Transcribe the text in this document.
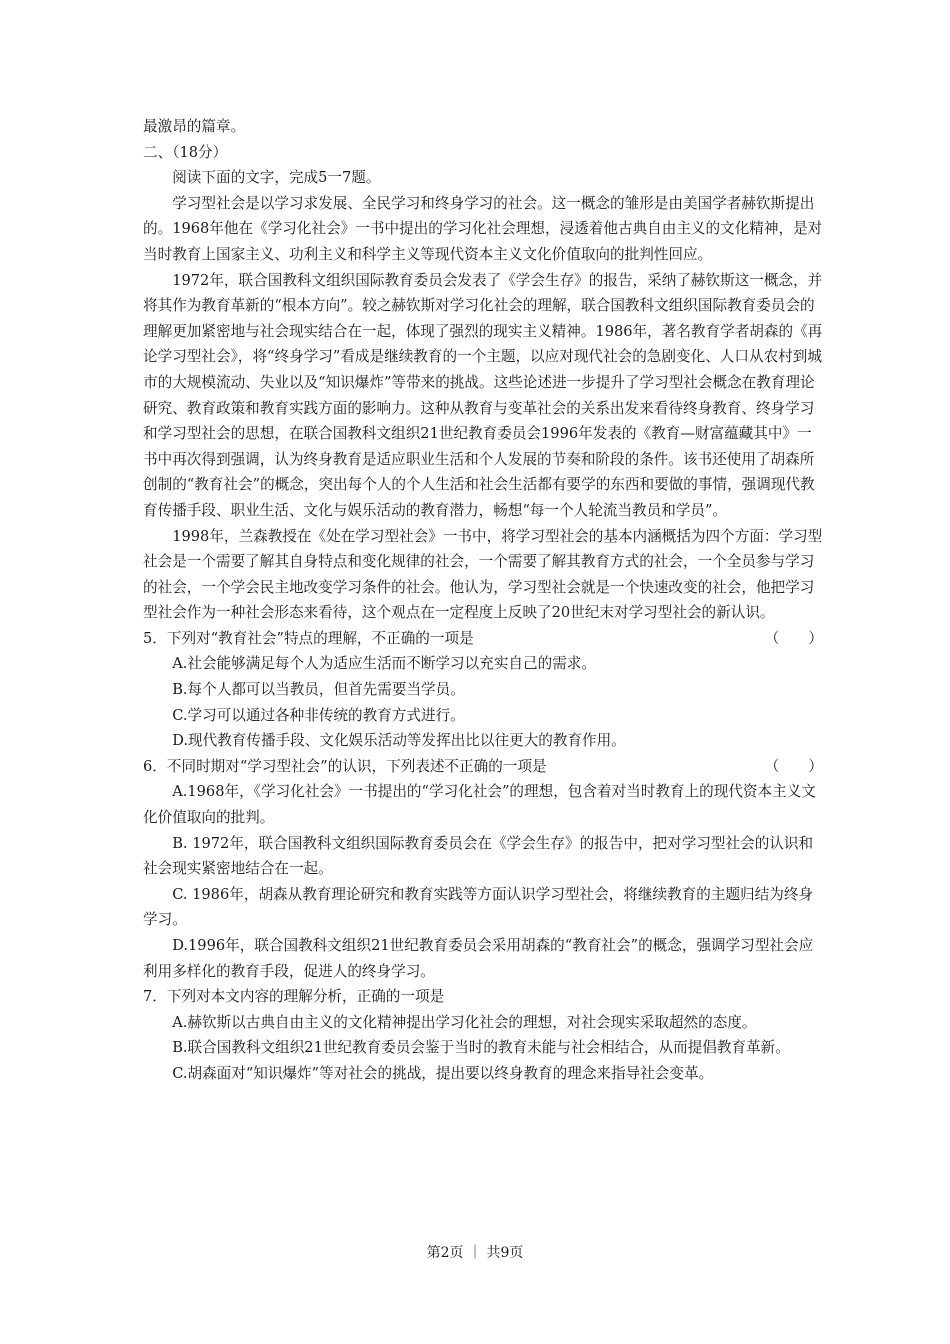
最激昂的篇章。

二、（18分）

阅读下面的文字，完成5一7题。

学习型社会是以学习求发展、全民学习和终身学习的社会。这一概念的雏形是由美国学者赫钦斯提出的。1968年他在《学习化社会》一书中提出的学习化社会理想，浸透着他古典自由主义的文化精神，是对当时教育上国家主义、功利主义和科学主义等现代资本主义文化价值取向的批判性回应。

1972年，联合国教科文组织国际教育委员会发表了《学会生存》的报告，采纳了赫钦斯这一概念，并将其作为教育革新的“根本方向”。较之赫钦斯对学习化社会的理解，联合国教科文组织国际教育委员会的理解更加紧密地与社会现实结合在一起，体现了强烈的现实主义精神。1986年，著名教育学者胡森的《再论学习型社会》，将“终身学习”看成是继续教育的一个主题，以应对现代社会的急剧变化、人口从农村到城市的大规模流动、失业以及“知识爆炸”等带来的挑战。这些论述进一步提升了学习型社会概念在教育理论研究、教育政策和教育实践方面的影响力。这种从教育与变革社会的关系出发来看待终身教育、终身学习和学习型社会的思想，在联合国教科文组织21世纪教育委员会1996年发表的《教育—财富蕴藏其中》一书中再次得到强调，认为终身教育是适应职业生活和个人发展的节奏和阶段的条件。该书还使用了胡森所创制的“教育社会”的概念，突出每个人的个人生活和社会生活都有要学的东西和要做的事情，强调现代教育传播手段、职业生活、文化与娱乐活动的教育潜力，畅想“每一个人轮流当教员和学员”。

1998年，兰森教授在《处在学习型社会》一书中，将学习型社会的基本内涵概括为四个方面：学习型社会是一个需要了解其自身特点和变化规律的社会，一个需要了解其教育方式的社会，一个全员参与学习的社会，一个学会民主地改变学习条件的社会。他认为，学习型社会就是一个快速改变的社会，他把学习型社会作为一种社会形态来看待，这个观点在一定程度上反映了20世纪末对学习型社会的新认识。

5．下列对“教育社会”特点的理解，不正确的一项是	（　　）

A.社会能够满足每个人为适应生活而不断学习以充实自己的需求。

B.每个人都可以当教员，但首先需要当学员。

C.学习可以通过各种非传统的教育方式进行。

D.现代教育传播手段、文化娱乐活动等发挥出比以往更大的教育作用。

6．不同时期对“学习型社会”的认识，下列表述不正确的一项是	（　　）

A.1968年，《学习化社会》一书提出的“学习化社会”的理想，包含着对当时教育上的现代资本主义文化价值取向的批判。

B. 1972年，联合国教科文组织国际教育委员会在《学会生存》的报告中，把对学习型社会的认识和社会现实紧密地结合在一起。

C. 1986年，胡森从教育理论研究和教育实践等方面认识学习型社会，将继续教育的主题归结为终身学习。

D.1996年，联合国教科文组织21世纪教育委员会采用胡森的“教育社会”的概念，强调学习型社会应利用多样化的教育手段，促进人的终身学习。

7．下列对本文内容的理解分析，正确的一项是

A.赫钦斯以古典自由主义的文化精神提出学习化社会的理想，对社会现实采取超然的态度。

B.联合国教科文组织21世纪教育委员会鉴于当时的教育未能与社会相结合，从而提倡教育革新。

C.胡森面对“知识爆炸”等对社会的挑战，提出要以终身教育的理念来指导社会变革。

第2页 ｜ 共9页
